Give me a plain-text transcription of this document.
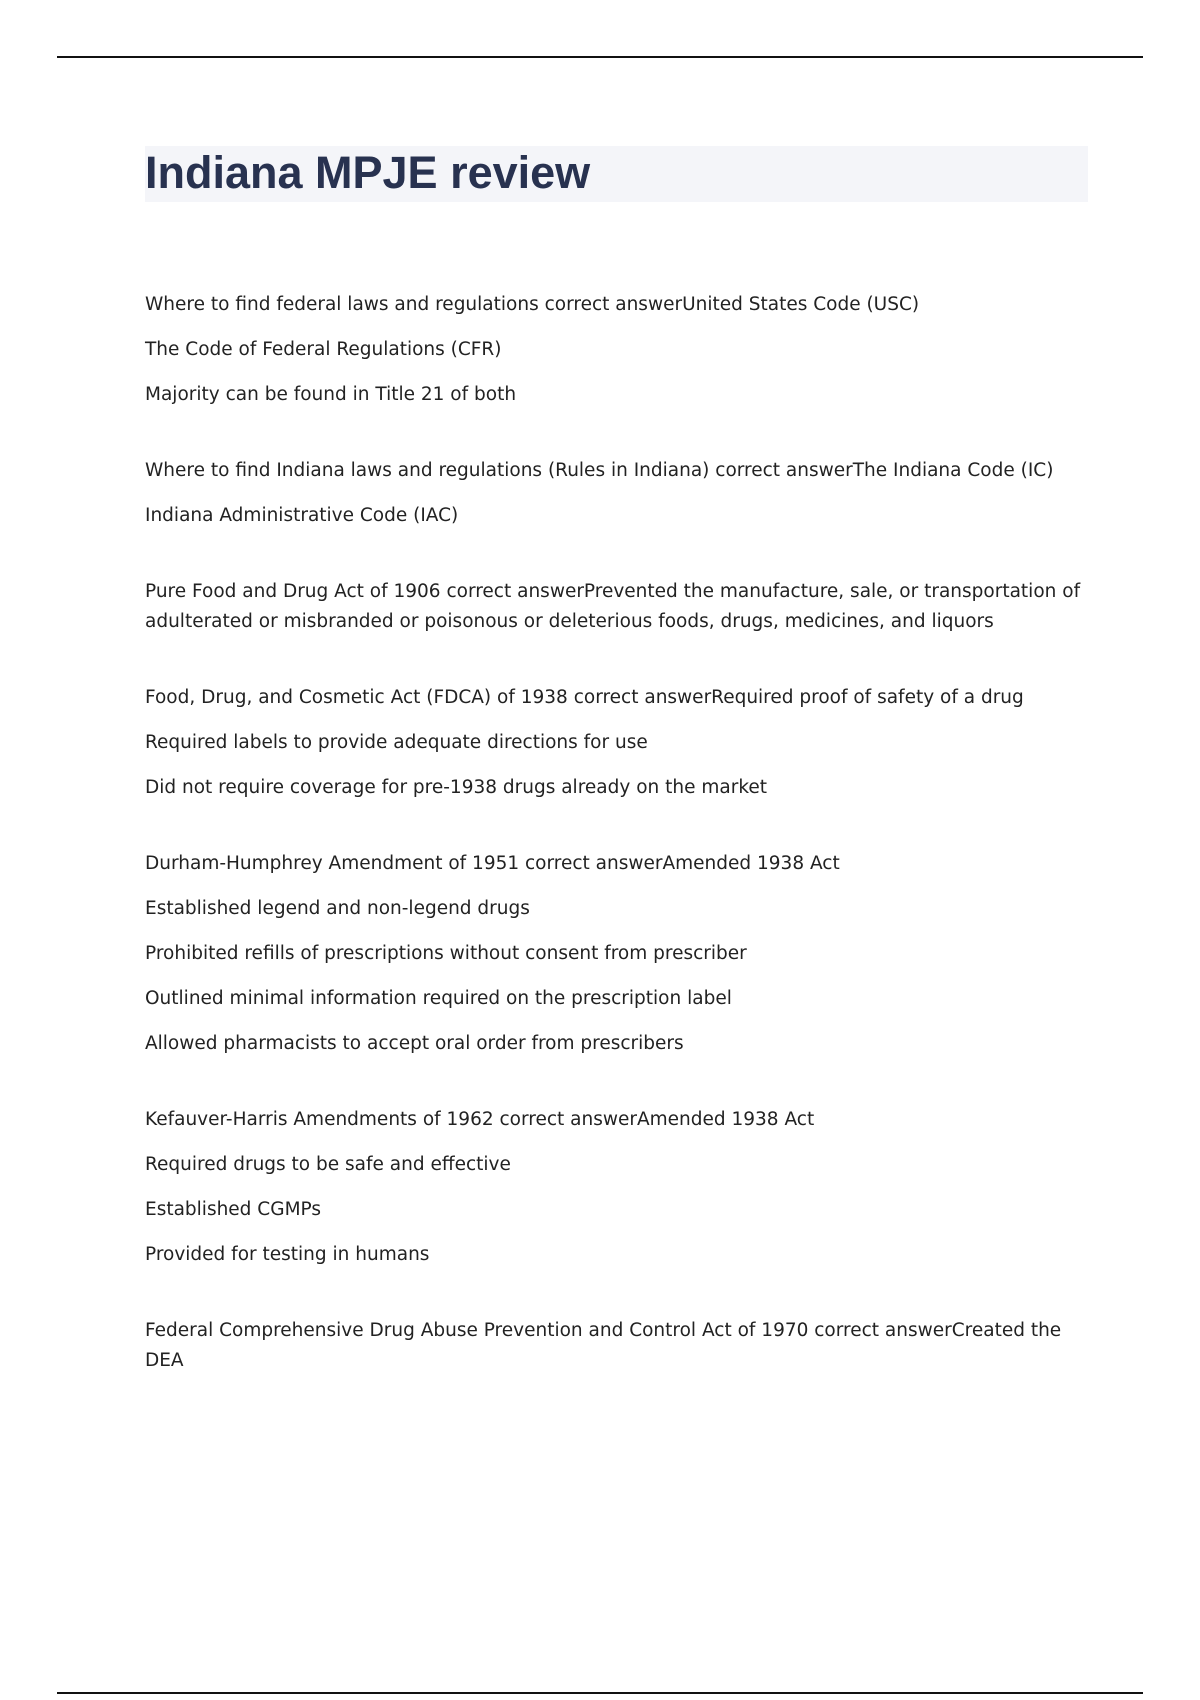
Indiana MPJE review

Where to find federal laws and regulations correct answerUnited States Code (USC)

The Code of Federal Regulations (CFR)

Majority can be found in Title 21 of both

Where to find Indiana laws and regulations (Rules in Indiana) correct answerThe Indiana Code (IC)

Indiana Administrative Code (IAC)

Pure Food and Drug Act of 1906 correct answerPrevented the manufacture, sale, or transportation of adulterated or misbranded or poisonous or deleterious foods, drugs, medicines, and liquors

Food, Drug, and Cosmetic Act (FDCA) of 1938 correct answerRequired proof of safety of a drug

Required labels to provide adequate directions for use

Did not require coverage for pre-1938 drugs already on the market

Durham-Humphrey Amendment of 1951 correct answerAmended 1938 Act

Established legend and non-legend drugs

Prohibited refills of prescriptions without consent from prescriber

Outlined minimal information required on the prescription label

Allowed pharmacists to accept oral order from prescribers

Kefauver-Harris Amendments of 1962 correct answerAmended 1938 Act

Required drugs to be safe and effective

Established CGMPs

Provided for testing in humans

Federal Comprehensive Drug Abuse Prevention and Control Act of 1970 correct answerCreated the DEA
